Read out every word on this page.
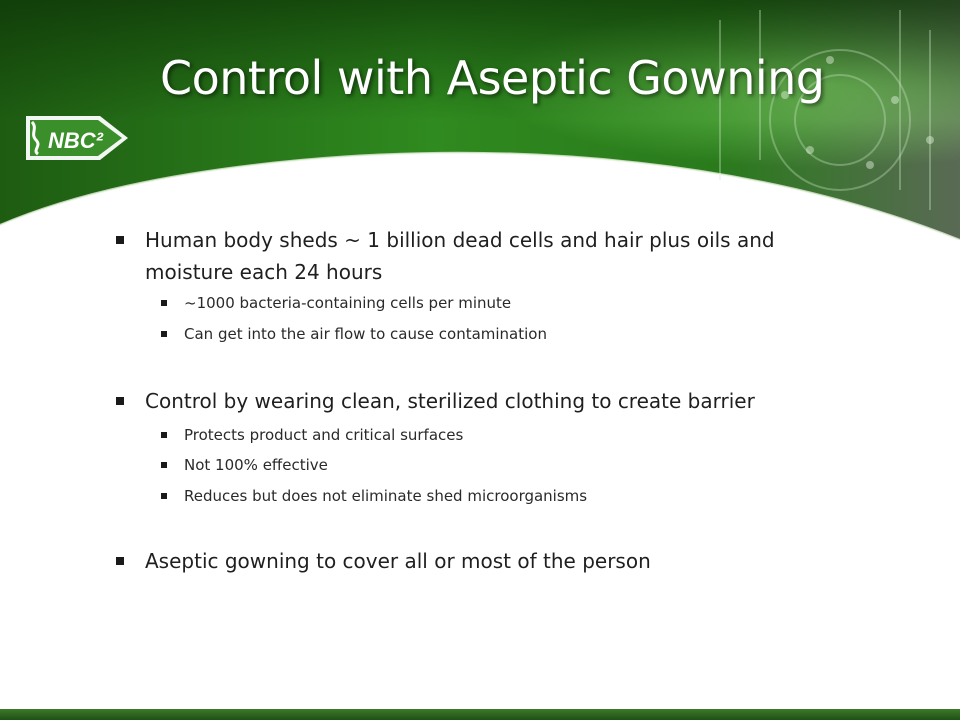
Control with Aseptic Gowning
NBC²
Human body sheds ~ 1 billion dead cells and hair plus oils and
moisture each 24 hours
~1000 bacteria-containing cells per minute
Can get into the air flow to cause contamination
Control by wearing clean, sterilized clothing to create barrier
Protects product and critical surfaces
Not 100% effective
Reduces but does not eliminate shed microorganisms
Aseptic gowning to cover all or most of the person
